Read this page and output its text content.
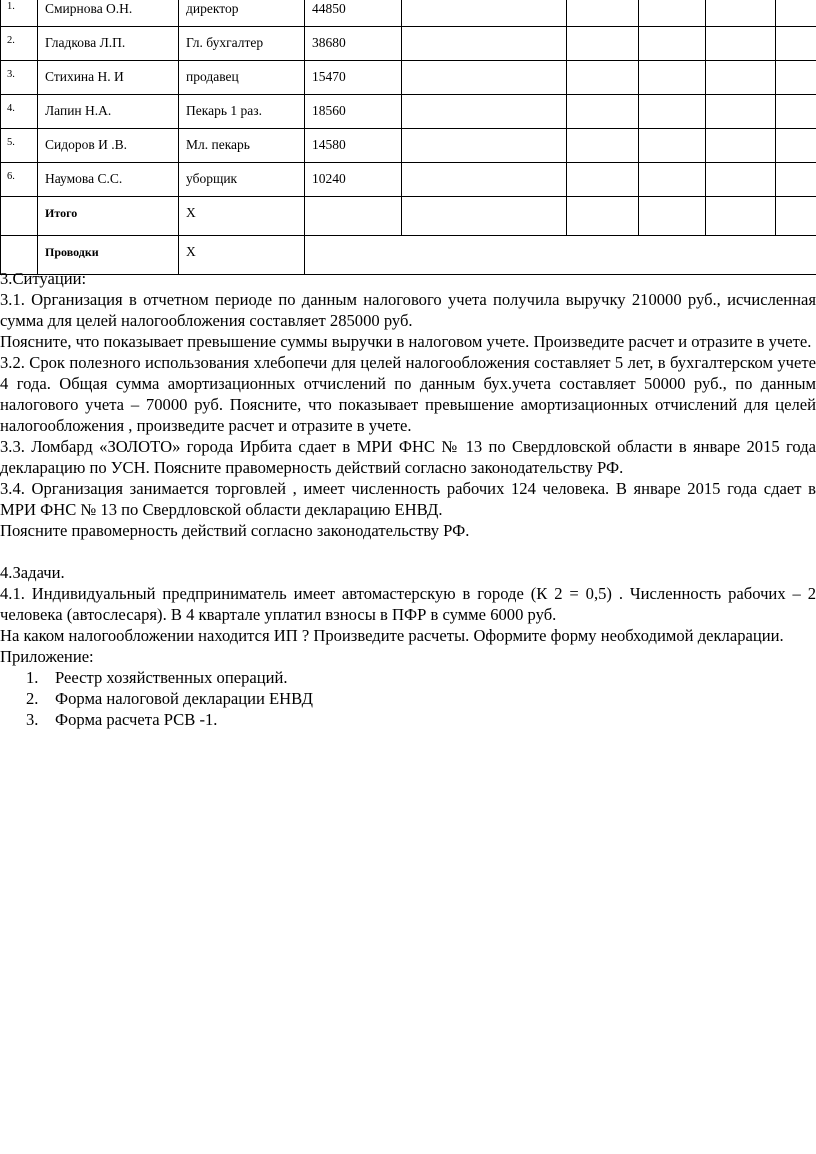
1.	Смирнова О.Н.	директор	44850					
2.	Гладкова Л.П.	Гл. бухгалтер	38680					
3.	Стихина Н. И	продавец	15470					
4.	Лапин Н.А.	Пекарь 1 раз.	18560					
5.	Сидоров И .В.	Мл. пекарь	14580					
6.	Наумова С.С.	уборщик	10240					
	Итого	Х						
	Проводки	Х						

3.Ситуации:

3.1. Организация в отчетном периоде по данным налогового учета получила выручку 210000 руб., исчисленная сумма для целей налогообложения составляет 285000 руб.

Поясните, что показывает превышение суммы выручки в налоговом учете. Произведите расчет и отразите в учете.

3.2. Срок полезного использования хлебопечи для целей налогообложения составляет 5 лет, в бухгалтерском учете 4 года. Общая сумма амортизационных отчислений по данным бух.учета составляет 50000 руб., по данным налогового учета – 70000 руб. Поясните, что показывает превышение амортизационных отчислений для целей налогообложения , произведите расчет и отразите в учете.

3.3. Ломбард «ЗОЛОТО» города Ирбита сдает в МРИ ФНС № 13 по Свердловской области в январе 2015 года декларацию по УСН. Поясните правомерность действий согласно законодательству РФ.

3.4. Организация занимается торговлей , имеет численность рабочих 124 человека. В январе 2015 года сдает в МРИ ФНС № 13 по Свердловской области декларацию ЕНВД.

Поясните правомерность действий согласно законодательству РФ.

4.Задачи.

4.1. Индивидуальный предприниматель имеет автомастерскую в городе (К 2 = 0,5) . Численность рабочих – 2 человека (автослесаря). В 4 квартале уплатил взносы в ПФР в сумме 6000 руб.

На каком налогообложении находится ИП ? Произведите расчеты. Оформите форму необходимой декларации.

Приложение:

1. Реестр хозяйственных операций.
2. Форма налоговой декларации ЕНВД
3. Форма расчета РСВ -1.
